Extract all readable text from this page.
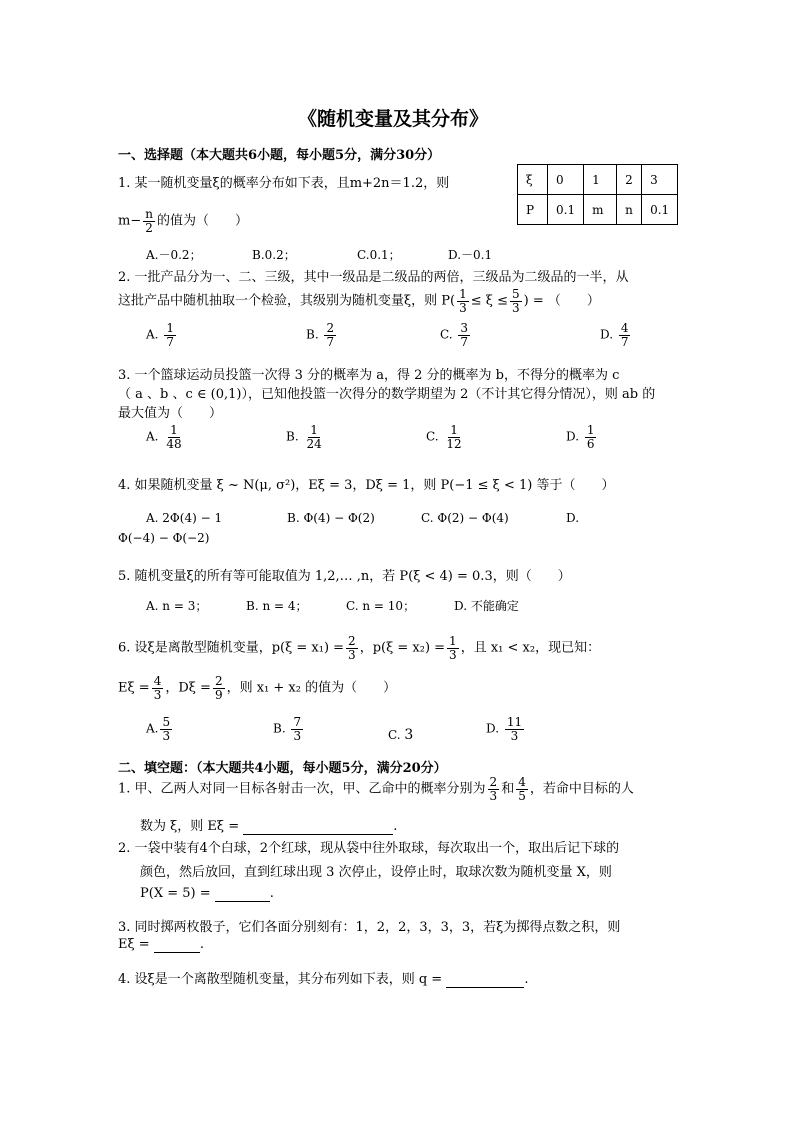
《随机变量及其分布》
一、选择题（本大题共6小题，每小题5分，满分30分）
1. 某一随机变量ξ的概率分布如下表，且m+2n＝1.2，则
$m- \frac{n}{2}$ 的值为（　　）
ξ	0	1	2	3
P	0.1	m	n	0.1
A.－0.2；	B.0.2；	C.0.1；	D.－0.1
2. 一批产品分为一、二、三级，其中一级品是二级品的两倍，三级品为二级品的一半，从
这批产品中随机抽取一个检验，其级别为随机变量ξ，则 $P( \frac{1}{3} \le \xi \le \frac{5}{3}$ ) = （　　）
A. $\frac{1}{7}$	B. $\frac{2}{7}$	C. $\frac{3}{7}$	D. $\frac{4}{7}$
3. 一个篮球运动员投篮一次得 3 分的概率为 a，得 2 分的概率为 b，不得分的概率为 c
（ a 、b 、c ∈ (0,1)），已知他投篮一次得分的数学期望为 2（不计其它得分情况），则 ab 的
最大值为（　　）
A. $\frac{1}{48}$	B. $\frac{1}{24}$	C. $\frac{1}{12}$	D. $\frac{1}{6}$
4. 如果随机变量 ξ ~ N(μ, σ²)，Eξ = 3，Dξ = 1，则 P(−1 ≤ ξ < 1) 等于（　　）
A. 2Φ(4) − 1	B. Φ(4) − Φ(2)	C. Φ(2) − Φ(4)	D.
Φ(−4) − Φ(−2)
5. 随机变量ξ的所有等可能取值为 1,2,… ,n，若 P(ξ < 4) = 0.3，则（　　）
A. n = 3；	B. n = 4；	C. n = 10；	D. 不能确定
6. 设ξ是离散型随机变量，$p(\xi = x_1) = \frac{2}{3}$ ，$p(\xi = x_2) = \frac{1}{3}$ ，且 x₁ < x₂，现已知：
$E\xi = \frac{4}{3}$ ，$D\xi = \frac{2}{9}$ ，则 x₁ + x₂ 的值为（　　）
A. $\frac{5}{3}$	B. $\frac{7}{3}$	C. 3	D. $\frac{11}{3}$
二、填空题：（本大题共4小题，每小题5分，满分20分）
1. 甲、乙两人对同一目标各射击一次，甲、乙命中的概率分别为 $\frac{2}{3}$ 和 $\frac{4}{5}$ ，若命中目标的人
数为 ξ，则 Eξ =	.
2. 一袋中装有4个白球，2个红球，现从袋中往外取球，每次取出一个，取出后记下球的
颜色，然后放回，直到红球出现 3 次停止，设停止时，取球次数为随机变量 X，则
P(X = 5) =	.
3. 同时掷两枚骰子，它们各面分别刻有：1，2，2，3，3，3，若ξ为掷得点数之积，则
Eξ =	.
4. 设ξ是一个离散型随机变量，其分布列如下表，则 q =	.
